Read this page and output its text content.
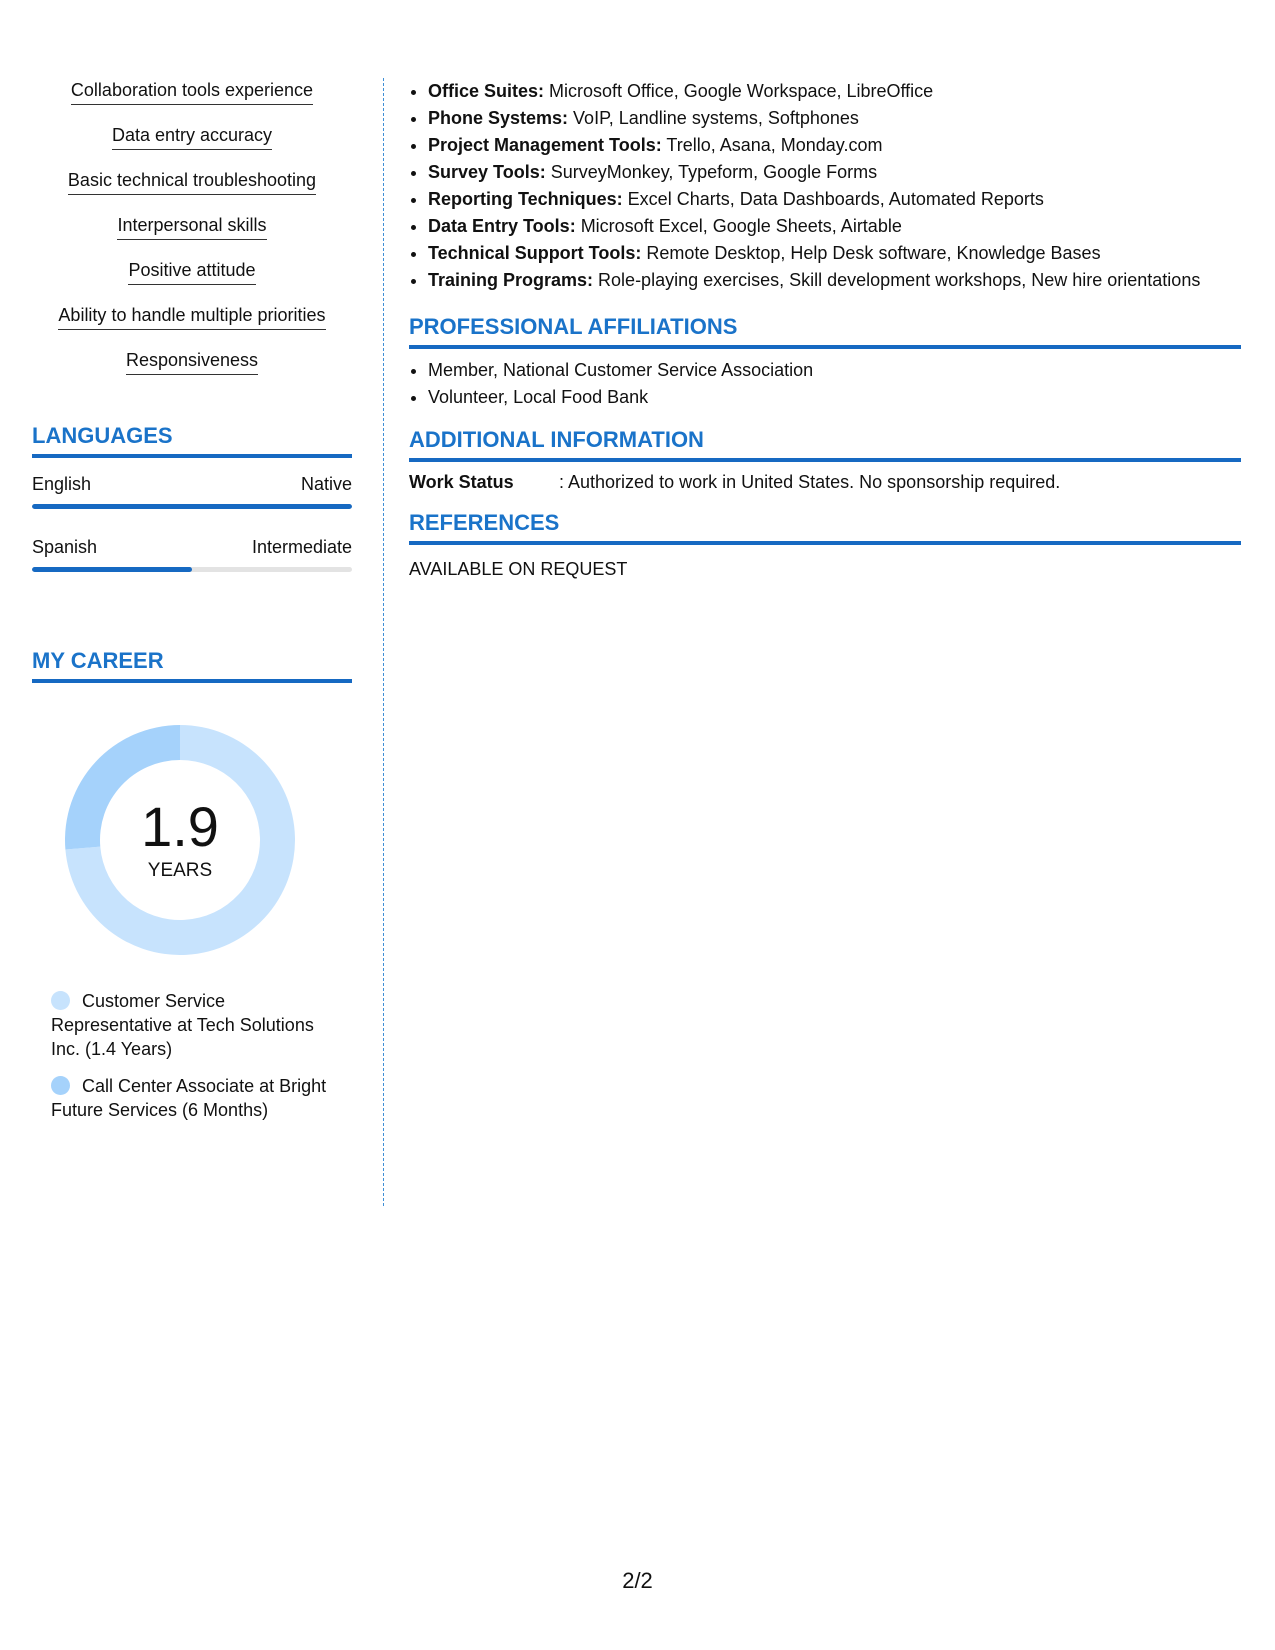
Collaboration tools experience
Data entry accuracy
Basic technical troubleshooting
Interpersonal skills
Positive attitude
Ability to handle multiple priorities
Responsiveness
LANGUAGES
English	Native
Spanish	Intermediate
MY CAREER
1.9
YEARS
Customer Service Representative at Tech Solutions Inc. (1.4 Years)
Call Center Associate at Bright Future Services (6 Months)
• Office Suites: Microsoft Office, Google Workspace, LibreOffice
• Phone Systems: VoIP, Landline systems, Softphones
• Project Management Tools: Trello, Asana, Monday.com
• Survey Tools: SurveyMonkey, Typeform, Google Forms
• Reporting Techniques: Excel Charts, Data Dashboards, Automated Reports
• Data Entry Tools: Microsoft Excel, Google Sheets, Airtable
• Technical Support Tools: Remote Desktop, Help Desk software, Knowledge Bases
• Training Programs: Role-playing exercises, Skill development workshops, New hire orientations
PROFESSIONAL AFFILIATIONS
• Member, National Customer Service Association
• Volunteer, Local Food Bank
ADDITIONAL INFORMATION
Work Status	: Authorized to work in United States. No sponsorship required.
REFERENCES
AVAILABLE ON REQUEST
2/2
